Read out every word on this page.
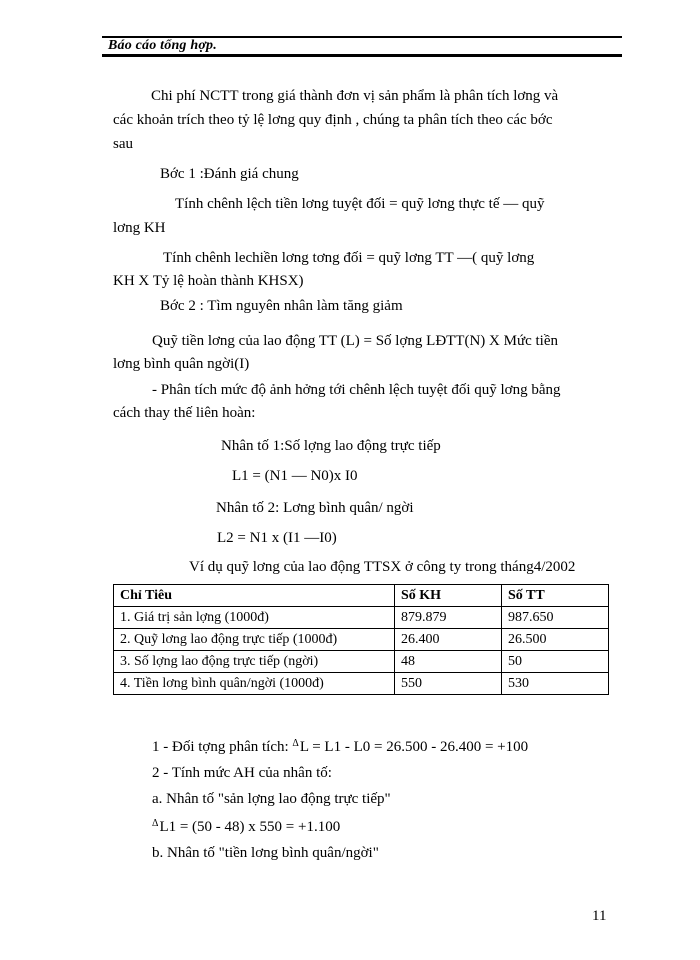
Báo cáo tổng hợp.
Chi phí NCTT trong giá thành đơn vị sản phẩm là phân tích lơng và
các khoản trích theo tỷ lệ lơng quy định , chúng ta phân tích theo các bớc
sau
Bớc 1 :Đánh giá chung
Tính chênh lệch tiền lơng tuyệt đối = quỹ lơng thực tế — quỹ
lơng KH
Tính chênh lechiền lơng tơng đối = quỹ lơng TT —( quỹ lơng
KH X Tỷ lệ hoàn thành KHSX)
Bớc 2 : Tìm nguyên nhân làm tăng giảm
Quỹ tiền lơng của lao động TT (L) = Số lợng LĐTT(N) X Mức tiền
lơng bình quân ngời(I)
- Phân tích mức độ ảnh hởng tới chênh lệch tuyệt đối quỹ lơng bằng
cách thay thế liên hoàn:
Nhân tố 1:Số lợng lao động trực tiếp
L1 = (N1 — N0)x I0
Nhân tố 2: Lơng bình quân/ ngời
L2 = N1 x (I1 —I0)
Ví dụ quỹ lơng của lao động TTSX ở công ty trong tháng4/2002
Chỉ Tiêu	Số KH	Số TT
1. Giá trị sản lợng (1000đ)	879.879	987.650
2. Quỹ lơng lao động trực tiếp (1000đ)	26.400	26.500
3. Số lợng lao động trực tiếp (ngời)	48	50
4. Tiền lơng bình quân/ngời (1000đ)	550	530
1 - Đối tợng phân tích: $^\Delta$L = L1 - L0 = 26.500 - 26.400 = +100
2 - Tính mức AH của nhân tố:
a. Nhân tố "sản lợng lao động trực tiếp"
$^\Delta$L1 = (50 - 48) x 550 = +1.100
b. Nhân tố "tiền lơng bình quân/ngời"
11
